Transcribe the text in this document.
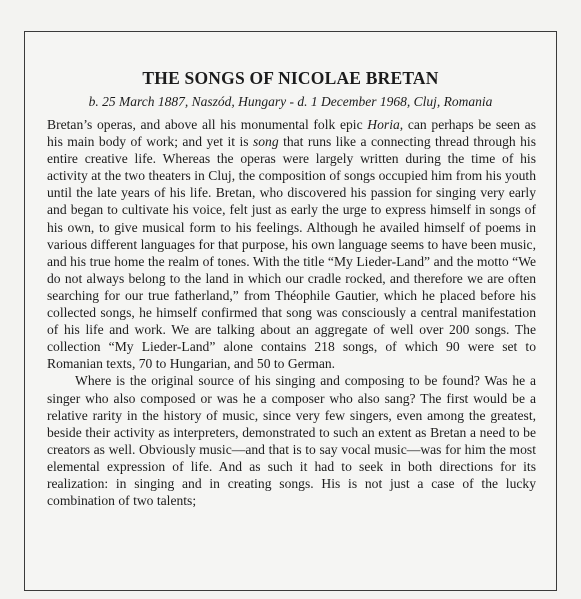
THE SONGS OF NICOLAE BRETAN
b. 25 March 1887, Naszód, Hungary - d. 1 December 1968, Cluj, Romania

Bretan’s operas, and above all his monumental folk epic Horia, can perhaps be seen as his main body of work; and yet it is song that runs like a connecting thread through his entire creative life. Whereas the operas were largely written during the time of his activity at the two theaters in Cluj, the composition of songs occupied him from his youth until the late years of his life. Bretan, who discovered his passion for singing very early and began to cultivate his voice, felt just as early the urge to express himself in songs of his own, to give musical form to his feelings. Although he availed himself of poems in various different languages for that purpose, his own language seems to have been music, and his true home the realm of tones. With the title “My Lieder-Land” and the motto “We do not always belong to the land in which our cradle rocked, and therefore we are often searching for our true fatherland,” from Théophile Gautier, which he placed before his collected songs, he himself confirmed that song was consciously a central manifestation of his life and work. We are talking about an aggregate of well over 200 songs. The collection “My Lieder-Land” alone contains 218 songs, of which 90 were set to Romanian texts, 70 to Hungarian, and 50 to German.

Where is the original source of his singing and composing to be found? Was he a singer who also composed or was he a composer who also sang? The first would be a relative rarity in the history of music, since very few singers, even among the greatest, beside their activity as interpreters, demonstrated to such an extent as Bretan a need to be creators as well. Obviously music—and that is to say vocal music—was for him the most elemental expression of life. And as such it had to seek in both directions for its realization: in singing and in creating songs. His is not just a case of the lucky combination of two talents;
